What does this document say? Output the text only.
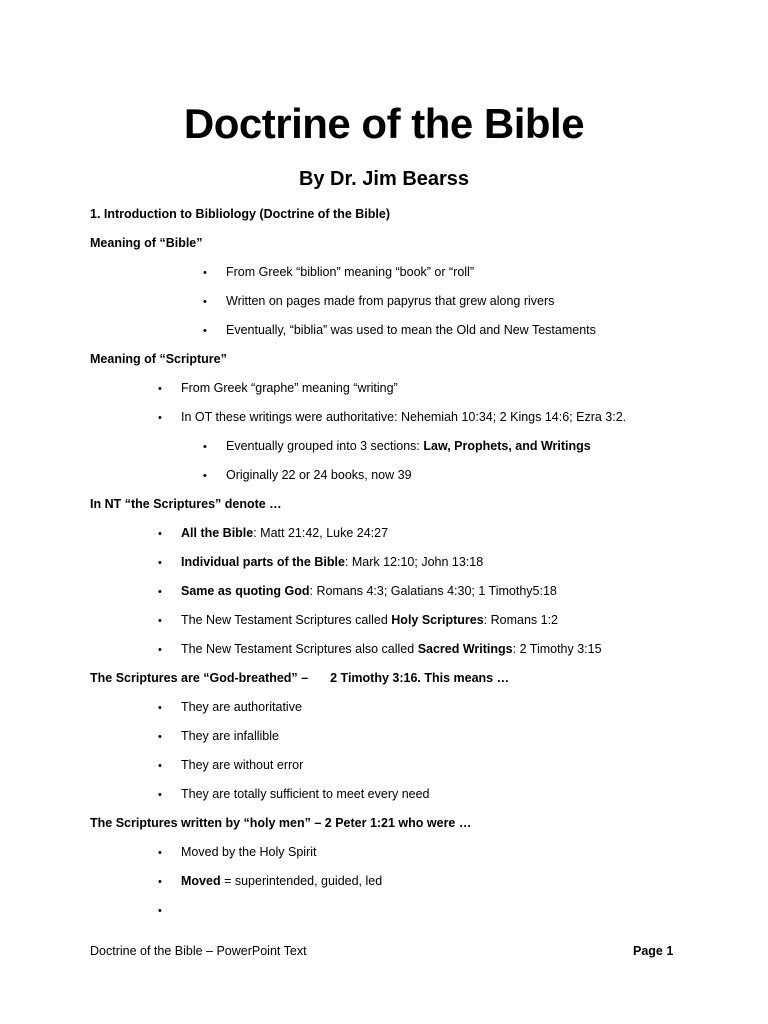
Doctrine of the Bible
By Dr. Jim Bearss
1. Introduction to Bibliology (Doctrine of the Bible)
Meaning of “Bible”
• From Greek “biblion” meaning “book” or “roll”
• Written on pages made from papyrus that grew along rivers
• Eventually, “biblia” was used to mean the Old and New Testaments
Meaning of “Scripture”
• From Greek “graphe” meaning “writing”
• In OT these writings were authoritative: Nehemiah 10:34; 2 Kings 14:6; Ezra 3:2.
• Eventually grouped into 3 sections: Law, Prophets, and Writings
• Originally 22 or 24 books, now 39
In NT “the Scriptures” denote …
• All the Bible: Matt 21:42, Luke 24:27
• Individual parts of the Bible: Mark 12:10; John 13:18
• Same as quoting God: Romans 4:3; Galatians 4:30; 1 Timothy5:18
• The New Testament Scriptures called Holy Scriptures: Romans 1:2
• The New Testament Scriptures also called Sacred Writings: 2 Timothy 3:15
The Scriptures are “God-breathed” – 2 Timothy 3:16. This means …
• They are authoritative
• They are infallible
• They are without error
• They are totally sufficient to meet every need
The Scriptures written by “holy men” – 2 Peter 1:21 who were …
• Moved by the Holy Spirit
• Moved = superintended, guided, led
•
Doctrine of the Bible – PowerPoint Text	Page 1
